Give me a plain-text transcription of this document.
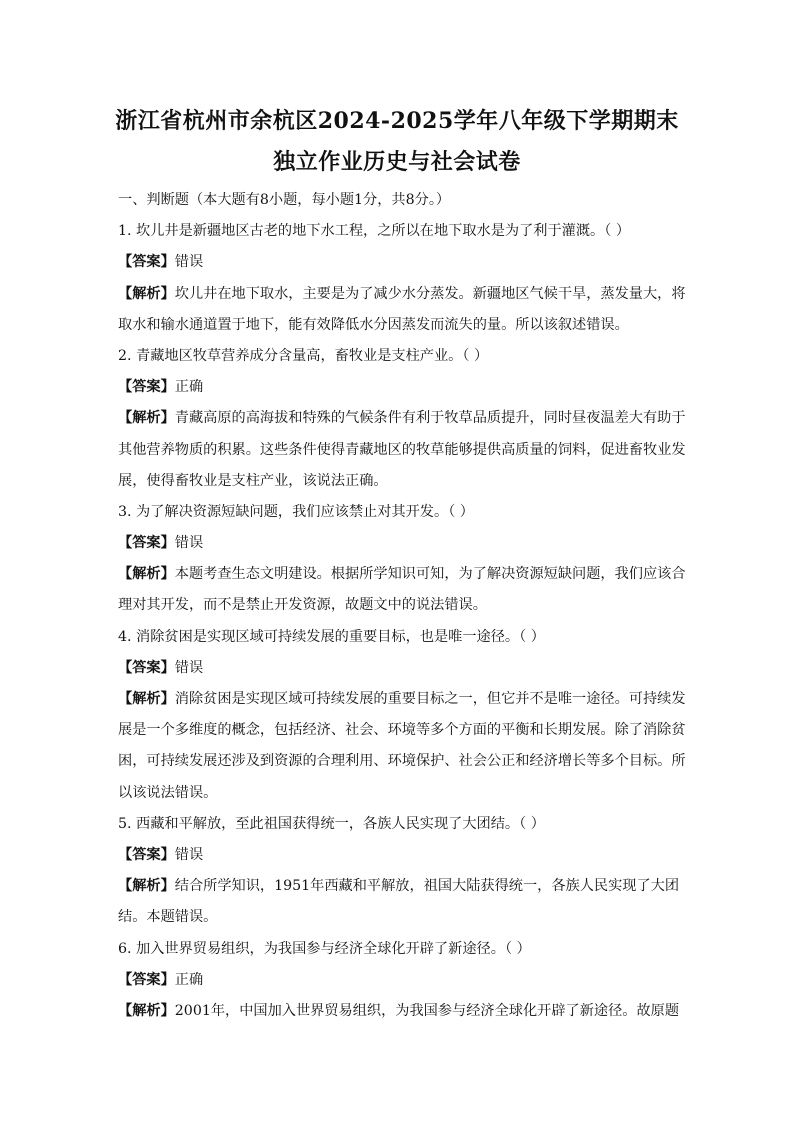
浙江省杭州市余杭区2024-2025学年八年级下学期期末
独立作业历史与社会试卷
一、判断题（本大题有8小题，每小题1分，共8分。）
1. 坎儿井是新疆地区古老的地下水工程，之所以在地下取水是为了利于灌溉。（ ）
【答案】错误
【解析】坎儿井在地下取水，主要是为了减少水分蒸发。新疆地区气候干旱，蒸发量大，将
取水和输水通道置于地下，能有效降低水分因蒸发而流失的量。所以该叙述错误。
2. 青藏地区牧草营养成分含量高，畜牧业是支柱产业。（ ）
【答案】正确
【解析】青藏高原的高海拔和特殊的气候条件有利于牧草品质提升，同时昼夜温差大有助于
其他营养物质的积累。这些条件使得青藏地区的牧草能够提供高质量的饲料，促进畜牧业发
展，使得畜牧业是支柱产业，该说法正确。
3. 为了解决资源短缺问题，我们应该禁止对其开发。（ ）
【答案】错误
【解析】本题考查生态文明建设。根据所学知识可知，为了解决资源短缺问题，我们应该合
理对其开发，而不是禁止开发资源，故题文中的说法错误。
4. 消除贫困是实现区域可持续发展的重要目标，也是唯一途径。（ ）
【答案】错误
【解析】消除贫困是实现区域可持续发展的重要目标之一，但它并不是唯一途径。可持续发
展是一个多维度的概念，包括经济、社会、环境等多个方面的平衡和长期发展。除了消除贫
困，可持续发展还涉及到资源的合理利用、环境保护、社会公正和经济增长等多个目标。所
以该说法错误。
5. 西藏和平解放，至此祖国获得统一，各族人民实现了大团结。（ ）
【答案】错误
【解析】结合所学知识，1951年西藏和平解放，祖国大陆获得统一，各族人民实现了大团
结。本题错误。
6. 加入世界贸易组织，为我国参与经济全球化开辟了新途径。（ ）
【答案】正确
【解析】2001年，中国加入世界贸易组织，为我国参与经济全球化开辟了新途径。故原题
